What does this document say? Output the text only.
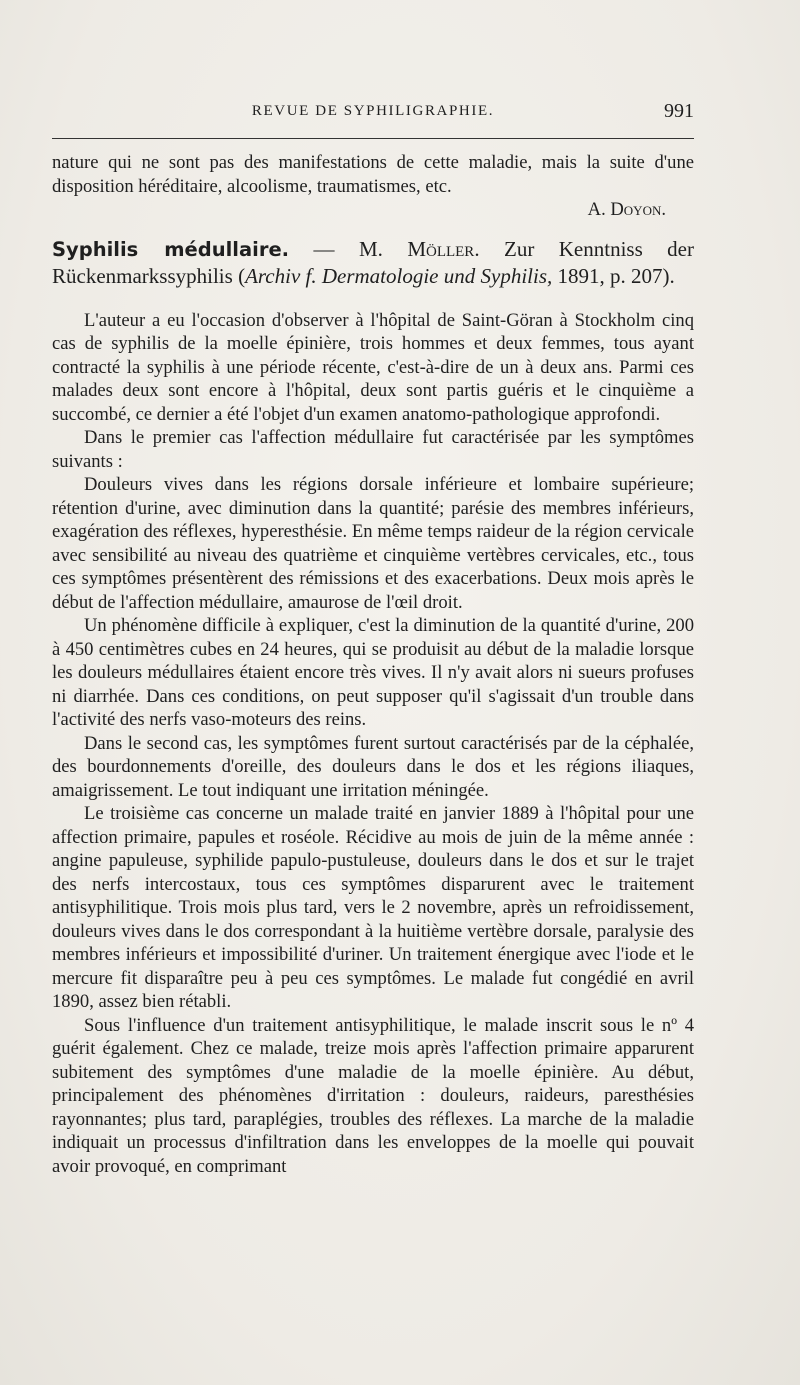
REVUE DE SYPHILIGRAPHIE.	991

nature qui ne sont pas des manifestations de cette maladie, mais la suite d'une disposition héréditaire, alcoolisme, traumatismes, etc.

A. Doyon.

Syphilis médullaire. — M. Möller. Zur Kenntniss der Rückenmarkssyphilis (Archiv f. Dermatologie und Syphilis, 1891, p. 207).

L'auteur a eu l'occasion d'observer à l'hôpital de Saint-Göran à Stockholm cinq cas de syphilis de la moelle épinière, trois hommes et deux femmes, tous ayant contracté la syphilis à une période récente, c'est-à-dire de un à deux ans. Parmi ces malades deux sont encore à l'hôpital, deux sont partis guéris et le cinquième a succombé, ce dernier a été l'objet d'un examen anatomo-pathologique approfondi.

Dans le premier cas l'affection médullaire fut caractérisée par les symptômes suivants :

Douleurs vives dans les régions dorsale inférieure et lombaire supérieure; rétention d'urine, avec diminution dans la quantité; parésie des membres inférieurs, exagération des réflexes, hyperesthésie. En même temps raideur de la région cervicale avec sensibilité au niveau des quatrième et cinquième vertèbres cervicales, etc., tous ces symptômes présentèrent des rémissions et des exacerbations. Deux mois après le début de l'affection médullaire, amaurose de l'œil droit.

Un phénomène difficile à expliquer, c'est la diminution de la quantité d'urine, 200 à 450 centimètres cubes en 24 heures, qui se produisit au début de la maladie lorsque les douleurs médullaires étaient encore très vives. Il n'y avait alors ni sueurs profuses ni diarrhée. Dans ces conditions, on peut supposer qu'il s'agissait d'un trouble dans l'activité des nerfs vaso-moteurs des reins.

Dans le second cas, les symptômes furent surtout caractérisés par de la céphalée, des bourdonnements d'oreille, des douleurs dans le dos et les régions iliaques, amaigrissement. Le tout indiquant une irritation méningée.

Le troisième cas concerne un malade traité en janvier 1889 à l'hôpital pour une affection primaire, papules et roséole. Récidive au mois de juin de la même année : angine papuleuse, syphilide papulo-pustuleuse, douleurs dans le dos et sur le trajet des nerfs intercostaux, tous ces symptômes disparurent avec le traitement antisyphilitique. Trois mois plus tard, vers le 2 novembre, après un refroidissement, douleurs vives dans le dos correspondant à la huitième vertèbre dorsale, paralysie des membres inférieurs et impossibilité d'uriner. Un traitement énergique avec l'iode et le mercure fit disparaître peu à peu ces symptômes. Le malade fut congédié en avril 1890, assez bien rétabli.

Sous l'influence d'un traitement antisyphilitique, le malade inscrit sous le nº 4 guérit également. Chez ce malade, treize mois après l'affection primaire apparurent subitement des symptômes d'une maladie de la moelle épinière. Au début, principalement des phénomènes d'irritation : douleurs, raideurs, paresthésies rayonnantes; plus tard, paraplégies, troubles des réflexes. La marche de la maladie indiquait un processus d'infiltration dans les enveloppes de la moelle qui pouvait avoir provoqué, en comprimant
